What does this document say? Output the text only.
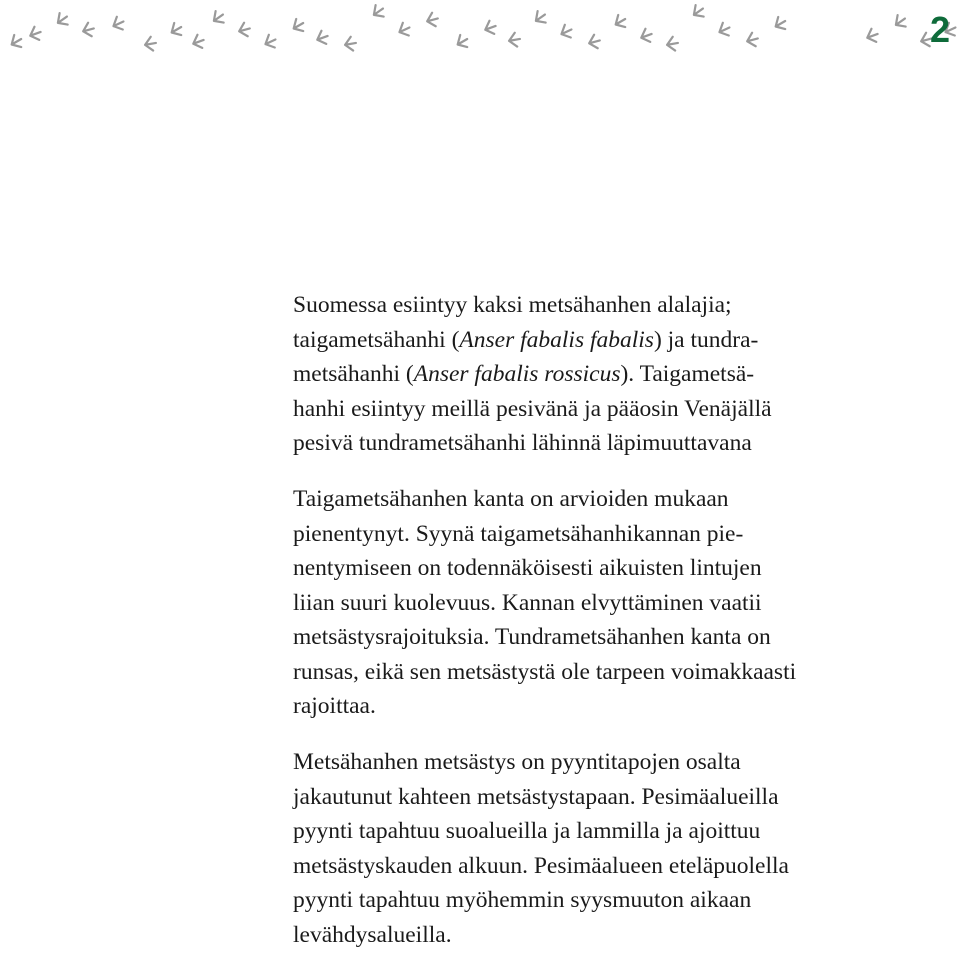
2

Suomessa esiintyy kaksi metsähanhen alalajia;
taigametsähanhi (Anser fabalis fabalis) ja tundra-
metsähanhi (Anser fabalis rossicus). Taigametsä-
hanhi esiintyy meillä pesivänä ja pääosin Venäjällä
pesivä tundrametsähanhi lähinnä läpimuuttavana

Taigametsähanhen kanta on arvioiden mukaan
pienentynyt. Syynä taigametsähanhikannan pie-
nentymiseen on todennäköisesti aikuisten lintujen
liian suuri kuolevuus. Kannan elvyttäminen vaatii
metsästysrajoituksia. Tundrametsähanhen kanta on
runsas, eikä sen metsästystä ole tarpeen voimakkaasti
rajoittaa.

Metsähanhen metsästys on pyyntitapojen osalta
jakautunut kahteen metsästystapaan. Pesimäalueilla
pyynti tapahtuu suoalueilla ja lammilla ja ajoittuu
metsästyskauden alkuun. Pesimäalueen eteläpuolella
pyynti tapahtuu myöhemmin syysmuuton aikaan
levähdysalueilla.
